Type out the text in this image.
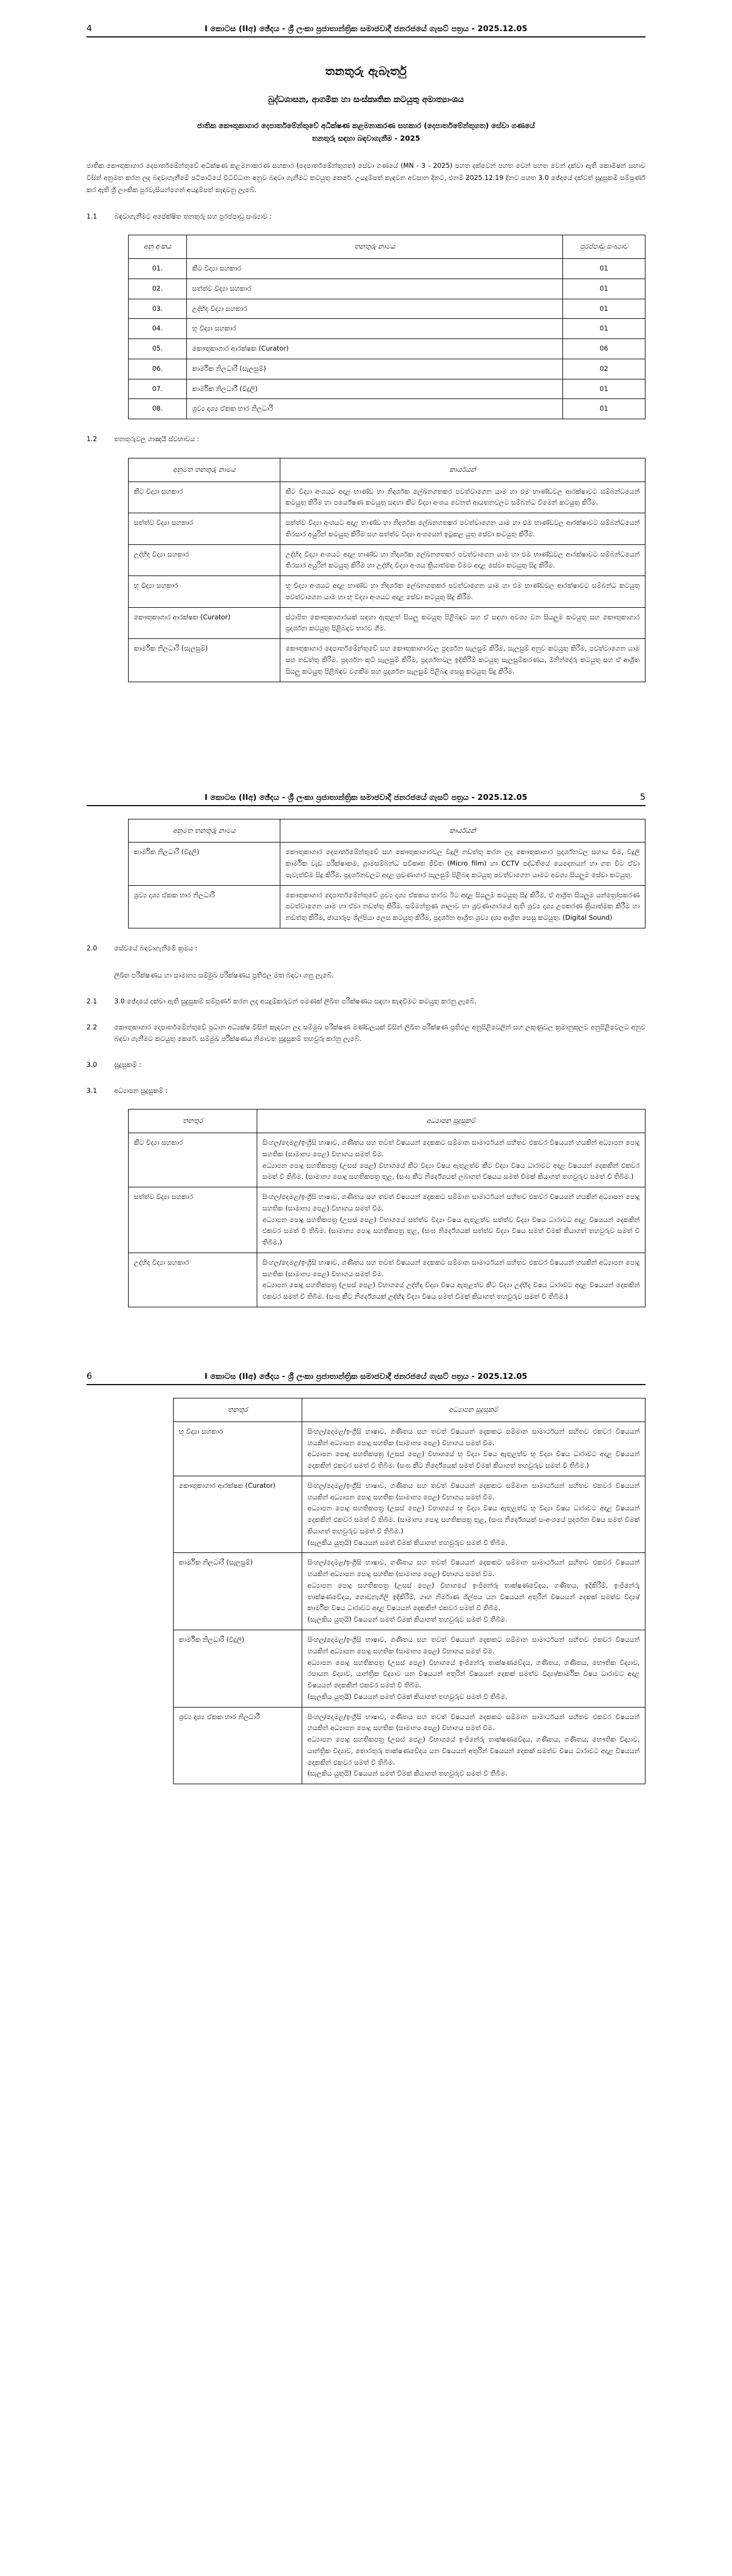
4	I කොටස (IIඅ) ඡේදය - ශ්‍රී ලංකා ප්‍රජාතාන්ත්‍රික සමාජවාදී ජනරජයේ ගැසට් පත්‍රය - 2025.12.05
තනතුරු ඇබෑර්තු
බුද්ධශාසන, ආගමික හා සංස්කෘතික කටයුතු අමාත්‍යාංශය
ජාතික කෞතුකාගාර දෙපාර්තමේන්තුවේ අධීක්ෂණ කළමනාකරණ සහකාර (දෙපාර්තමේන්තුගත) සේවා ගණයේ
තනතුරු සඳහා බඳවාගැනීම - 2025
ජාතික කෞතුකාගාර දෙපාර්තමේන්තුවේ අධීක්ෂණ කළමනාකරණ සහකාර (දෙපාර්තමේන්තුගත) සේවා ගණයේ (MN - 3 - 2025) පහත දක්වෙන් පහත වෙන් පහත වෙන් දක්වා ඇති කොමිෂන් සභාව විසින් අනුමත කරන ලද බඳවාගැනීමේ පටිපාටියේ විධිවිධාන අනුව බඳවා ගැනීමට කටයුතු කෙරේ. උයදුම්පත් කැඳවන අවසාන දිනට, එනම් 2025.12.19 දිනට පහත 3.0 ඡේදයේ දක්වත් සුදුසුකම් සම්පූර්ණ කර ඇති ශ්‍රී ලාංකික පුරවැසියන්ගෙන් අයදුම්පත් කැඳවනු ලැබේ.
1.1	බඳවාගැනීමට අපේක්ෂිත තනතුරු සහ පුරප්පාඩු සංඛ්‍යාව :
අනු අංකය	තනතුරු නාමය	පුරප්පාඩු සංඛ්‍යාව
01.	කීට විද්‍යා සහකාර	01
02.	සත්ත්ව විද්‍යා සහකාර	01
03.	උද්භිද විද්‍යා සහකාර	01
04.	භූ විද්‍යා සහකාර	01
05.	කෞතුකාගාර ආරක්ෂක (Curator)	06
06.	කාර්මික නිලධාරී (සැලසුම්)	02
07.	කාර්මික නිලධාරී (විදුලි)	01
08.	ශ්‍රව්‍ය දෘශ්‍ය ඒකක භාර නිලධාරී	01
1.2	තනතුරුවල ගාඤයී ස්වභාවය :
අනුමත තනතුරු නාමය	කාර්යයන්
කීට විද්‍යා සහකාර	කීට විද්‍යා අංශයට අදාළ භාණ්ඩ හා නිදර්ශක ලේඛනගතකර පවත්වාගෙන යාම හා එම භාණ්ඩවල ආරක්ෂාවට සම්බන්ධයෙන් කටයුතු කිරීම හා පර්යේෂණ කටයුතු සඳහා කීට විද්‍යා අංශය වෙනත් ආයතනවලට සම්බන්ධ වීමෙන් කටයුතු කිරීම.
සත්ත්ව විද්‍යා සහකාර	සත්ත්ව විද්‍යා අංශයට අදාළ භාණ්ඩ හා නිදර්ශක ලේඛනගතකර පවත්වාගෙන යාම හා එම භාණ්ඩවල ආරක්ෂාවට සම්බන්ධයෙන් තිරසාර අයුරින් කටයුතු කිරීම සහ සත්ත්ව විද්‍යා අංශයෙන් ඉටුකළ යුතු සේවා කටයුතු කිරීම.
උද්භිද විද්‍යා සහකාර	උද්භිද විද්‍යා අංශයට අදාළ භාණ්ඩ හා නිදර්ශක ලේඛනගතකර පවත්වාගෙන යාම හා එම භාණ්ඩවල ආරක්ෂාවට සම්බන්ධයෙන් තිරසාර අයුරින් කටයුතු කිරීම හා උද්භිද විද්‍යා අංශය ක්‍රියාත්මක වීමට අදාළ සේවා කටයුතු සිදු කිරීම.
භූ විද්‍යා සහකාර	භූ විද්‍යා අංශයට අදාළ භාණ්ඩ හා නිදර්ශක ලේඛනගතකර පවත්වාගෙන යාම හා එම භාණ්ඩවල ආරක්ෂාවට සම්බන්ධ කටයුතු පවත්වාගෙන යාම හා භූ විද්‍යා අංශයට අදාළ සේවා කටයුතු සිදු කිරීම.
කෞතුකාගාර ආරක්ෂක (Curator)	ස්ථාපිත කෞතුකාගාරයක් සඳහා ඇතුළත් සියලු කටයුතු පිළිබඳව සහ ඒ සඳහා අවශ්‍ය වන සියලුම කටයුතු සහ කෞතුකාගාර ප්‍රදර්ශන කටයුතු පිළිබඳව භාරව ගීම.
කාර්මික නිලධාරී (සැලසුම්)	කෞතුකාගාර දෙපාර්තමේන්තුවේ සහ කෞතුකාගාරවල ප්‍රදර්ශන සැලසුම් කිරීම, සැලසුම් අනුව කටයුතු කිරීම, පවත්වාගෙන යාම සහ නඩත්තු කිරීම. ප්‍රදර්ශන කුටි සැලසුම් කිරීම, ප්‍රදර්ශනවල ඉදිකිරීම් කටයුතු සැලසුම්කරණය, මිනින්දෝරු කටයුතු සහ ඒ ආශ්‍රිත සියලු කටයුතු පිළිබඳව වගකීම සහ ප්‍රදර්ශන සැලසුම් පිළිබඳ සෙසු කටයුතු සිදු කිරීම.
I කොටස (IIඅ) ඡේදය - ශ්‍රී ලංකා ප්‍රජාතාන්ත්‍රික සමාජවාදී ජනරජයේ ගැසට් පත්‍රය - 2025.12.05	5
අනුමත තනතුරු නාමය	කාර්යයන්
කාර්මික නිලධාරී (විදුලි)	කෞතුකාගාර දෙපාර්තමේන්තුවේ සහ කෞතුකාගාරවල විදුලි නඩත්තු කරන ලද කෞතුකාගාර ප්‍රදර්ශනවල සහාය වීම, විදුලි කාර්මික වැඩ පරීක්ෂාකම, ග්‍රාමසම්බන්ධ සවිකෘත ජීවිත (Micro film) හා CCTV පද්ධතියේ යෙදෙනයන් හා ගත වීට ඒවා පැවැත්වීම සිදු කිරීම. ප්‍රදර්ශනවලට අදාළ ශ්‍රවණාගාර සැලසුම් පිළිබඳ කටයුතු පවත්වාගෙන යාමට අවශ්‍ය සියලුම සේවා කටයුතු.
ශ්‍රව්‍ය දෘශ්‍ය ඒකක භාර නිලධාරී	කෞතුකාගාර දෙපාර්තමේන්තුවේ ශ්‍රව්‍ය දෘශ්‍ය ඒකකය භාරව ඊට අදාළ සියලුම කටයුතු සිදු කිරීම, ඒ ආශ්‍රිත සියලුම යන්ත්‍රෝපකරණ පවත්වාගෙන යාම හා ඒවා නඩත්තු කිරීම. සම්මන්ත්‍රණ ශාලාව හා ශ්‍රවණාගාරයේ ඇති ශ්‍රව්‍ය දෘශ්‍ය උපකරණ ක්‍රියාත්මක කිරීම හා නඩත්තු කිරීම, ඡායාරූප ශිල්පියා ලෙස කටයුතු කිරීම, ප්‍රදර්ශන ආශ්‍රිත ශ්‍රව්‍ය දෘශ්‍ය ආශ්‍රිත සෙසු කටයුතු. (Digital Sound)
2.0	සේවයේ බඳවාගැනීමේ ක්‍රමය :
ලිඛිත පරීක්ෂණය හා සාමාන්‍ය සම්මුඛ පරීක්ෂණය ප්‍රතිඵල මත බඳවා ගනු ලැබේ.
2.1	3.0 ඡේදයේ දක්වා ඇති සුදුසුකම් සම්පූර්ණ කරන ලද අයදුම්කරුවන් පමණක් ලිඛිත පරීක්ෂණය සඳහා කැඳවීමට කටයුතු කරනු ලැබේ.
2.2	කෞතුකාගාර දෙපාර්තමේන්තුවේ ප්‍රධාන අධ්‍යක්ෂ විසින් කැඳවන ලද සම්මුඛ පරීක්ෂණ මණ්ඩලයක් විසින් ලිඛිත පරීක්ෂණ ප්‍රතිඵල අනුපිළිවෙලින් සහ ලකුණුවල ක්‍රමානුකූලව අනුපිළිවෙලට අනුව බඳවා ගැනීමට කටයුතු කෙරේ. සම්මුඛ පරීක්ෂණය නිමාවත සුදුසුකම් තහවුරු කරනු ලැබේ.
3.0	සුදුසුකම් :
3.1	අධ්‍යාපන සුදුසුකම් :
තනතුර	අධ්‍යාපන සුදුසුකම්
කීට විද්‍යා සහකාර	සිංහල/දෙමළ/ඉංග්‍රීසි භාෂාව, ගණිතය සහ තවත් විෂයයන් දෙකකට සම්මාන සාමාර්ථයන් සහිතව එකවර විෂයයන් හයකින් අධ්‍යාපන පොදු සහතික (සාමාන්‍ය පෙළ) විභාගය සමත් වීම.
අධ්‍යාපන පොදු සහතිකපත්‍ර (උසස් පෙළ) විභාගයේ කීට විද්‍යා විෂය ඇතුළත්ව කීට විද්‍යා විෂය ධාරාවට අදාළ විෂයයන් දෙකකින් එකවර සමත් වී තිබීම. (සාමාන්‍ය පොදු සහතිකපත්‍ර තුළ, (සංඝ කීට නිර්දේශයක් ලබාගත් විෂයය සමත් වීමක් කියාගත් තහවුරුව සමත් වී තිබීම.)
සත්ත්ව විද්‍යා සහකාර	සිංහල/දෙමළ/ඉංග්‍රීසි භාෂාව, ගණිතය සහ තවත් විෂයයන් දෙකකට සම්මාන සාමාර්ථයන් සහිතව එකවර විෂයයන් හයකින් අධ්‍යාපන පොදු සහතික (සාමාන්‍ය පෙළ) විභාගය සමත් වීම.
අධ්‍යාපන පොදු සහතිකපත්‍ර (උසස් පෙළ) විභාගයේ සත්ත්ව විද්‍යා විෂය ඇතුළත්ව සත්ත්ව විද්‍යා විෂය ධාරාවට අදාළ විෂයයන් දෙකකින් එකවර සමත් වී තිබීම. (සාමාන්‍ය පොදු සහතිකපත්‍ර තුළ, (සංඝ නිර්දේශයක් සත්ත්ව විද්‍යා විෂය සමත් වීමක් කියාගත් තහවුරුව සමත් වී තිබීම.)
උද්භිද විද්‍යා සහකාර	සිංහල/දෙමළ/ඉංග්‍රීසි භාෂාව, ගණිතය සහ තවත් විෂයයන් දෙකකට සම්මාන සාමාර්ථයන් සහිතව එකවර විෂයයන් හයකින් අධ්‍යාපන පොදු සහතික (සාමාන්‍ය පෙළ) විභාගය සමත් වීම.
අධ්‍යාපන පොදු සහතිකපත්‍ර (උසස් පෙළ) විභාගයේ උද්භිද විද්‍යා විෂය ඇතුළත්ව කීට විද්‍යා උද්භිද විෂය ධාරාවට අදාළ විෂයයන් දෙකකින් එකවර සමත් වී තිබීම. (සංඝ කීට නිර්දේශයක් උද්භිද විද්‍යා විෂය සමත් වීමක් කියාගත් තහවුරුව සමත් වී තිබීම.)
6	I කොටස (IIඅ) ඡේදය - ශ්‍රී ලංකා ප්‍රජාතාන්ත්‍රික සමාජවාදී ජනරජයේ ගැසට් පත්‍රය - 2025.12.05
තනතුර	අධ්‍යාපන සුදුසුකම්
භූ විද්‍යා සහකාර	සිංහල/දෙමළ/ඉංග්‍රීසි භාෂාව, ගණිතය සහ තවත් විෂයයන් දෙකකට සම්මාන සාමාර්ථයන් සහිතව එකවර විෂයයන් හයකින් අධ්‍යාපන පොදු සහතික (සාමාන්‍ය පෙළ) විභාගය සමත් වීම.
අධ්‍යාපන පොදු සහතිකපත්‍ර (උසස් පෙළ) විභාගයේ භූ විද්‍යා විෂය ඇතුළත්ව භූ විද්‍යා විෂය ධාරාවට අදාළ විෂයයන් දෙකකින් එකවර සමත් වී තිබීම. (සංඝ කීට නිර්දේශයක් සමත් වීමක් කියාගත් තහවුරුව සමත් වී තිබීම.)
කෞතුකාගාර ආරක්ෂක (Curator)	සිංහල/දෙමළ/ඉංග්‍රීසි භාෂාව, ගණිතය සහ තවත් විෂයයන් දෙකකට සම්මාන සාමාර්ථයන් සහිතව එකවර විෂයයන් හයකින් අධ්‍යාපන පොදු සහතික (සාමාන්‍ය පෙළ) විභාගය සමත් වීම.
අධ්‍යාපන පොදු සහතිකපත්‍ර (උසස් පෙළ) විභාගයේ භූ විද්‍යා විෂය ඇතුළත්ව භූ විද්‍යා විෂය ධාරාවට අදාළ විෂයයන් දෙකකින් එකවර සමත් වී තිබීම. (සාමාන්‍ය පොදු සහතිකපත්‍ර තුළ, (සංඝ නිර්දේශයක් ස-අංශයේ ප්‍රදර්ශන විෂය සමත් වීමක් කියාගත් තහවුරුව සමත් වී තිබීම.)
(සැලකිය යුතුයි) විෂයයන් සමත් වීමක් කියාගත් තහවුරුව සමත් වී තිබීම.
කාර්මික නිලධාරී (සැලසුම්)	සිංහල/දෙමළ/ඉංග්‍රීසි භාෂාව, ගණිතය සහ තවත් විෂයයන් දෙකකට සම්මාන සාමාර්ථයන් සහිතව එකවර විෂයයන් හයකින් අධ්‍යාපන පොදු සහතික (සාමාන්‍ය පෙළ) විභාගය සමත් වීම.
අධ්‍යාපන පොදු සහතිකපත්‍ර (උසස් පෙළ) විභාගයේ ඉංජිනේරු තාක්ෂණවේදය, ගණිතය, ඉදිකිරීම්, ඉංජිනේරු තාක්ෂණවේදය, ගොඩනැගිලි ඉදිකිරීම්, ගෘහ නිර්මාණ ශිල්පය යන විෂයයන් අතුරින් විෂයයන් දෙකක් සමත්ව විද්‍යා/කාර්මික විෂය ධාරාවට අදාළ විෂයයන් දෙකකින් එකවර සමත් වී තිබීම.
(සැලකිය යුතුයි) විෂයයන් සමත් වීමක් කියාගත් තහවුරුව සමත් වී තිබීම.
කාර්මික නිලධාරී (විදුලි)	සිංහල/දෙමළ/ඉංග්‍රීසි භාෂාව, ගණිතය සහ තවත් විෂයයන් දෙකකට සම්මාන සාමාර්ථයන් සහිතව එකවර විෂයයන් හයකින් අධ්‍යාපන පොදු සහතික (සාමාන්‍ය පෙළ) විභාගය සමත් වීම.
අධ්‍යාපන පොදු සහතිකපත්‍ර (උසස් පෙළ) විභාගයේ ඉංජිනේරු තාක්ෂණවේදය, ගණිතය, ගණිතය, භෞතික විද්‍යාව, රසායන විද්‍යාව, යාන්ත්‍රික විද්‍යාව යන විෂයයන් අතුරින් විෂයයන් දෙකක් සමත්ව විද්‍යා/කාර්මික විෂය ධාරාවට අදාළ විෂයයන් දෙකකින් එකවර සමත් වී තිබීම.
(සැලකිය යුතුයි) විෂයයන් සමත් වීමක් කියාගත් තහවුරුව සමත් වී තිබීම.
ශ්‍රව්‍ය දෘශ්‍ය ඒකක භාර නිලධාරී	සිංහල/දෙමළ/ඉංග්‍රීසි භාෂාව, ගණිතය සහ තවත් විෂයයන් දෙකකට සම්මාන සාමාර්ථයන් සහිතව එකවර විෂයයන් හයකින් අධ්‍යාපන පොදු සහතික (සාමාන්‍ය පෙළ) විභාගය සමත් වීම.
අධ්‍යාපන පොදු සහතිකපත්‍ර (උසස් පෙළ) විභාගයේ ඉංජිනේරු තාක්ෂණවේදය, ගණිතය, ගණිතය, භෞතික විද්‍යාව, යාන්ත්‍රික විද්‍යාව, තොරතුරු තාක්ෂණවේදය යන විෂයයන් අතුරින් විෂයයන් දෙකක් සමත්ව විෂය ධාරාවට අදාළ විෂයයන් දෙකකින් එකවර සමත් වී තිබීම.
(සැලකිය යුතුයි) විෂයයන් සමත් වීමක් කියාගත් තහවුරුව සමත් වී තිබීම.
